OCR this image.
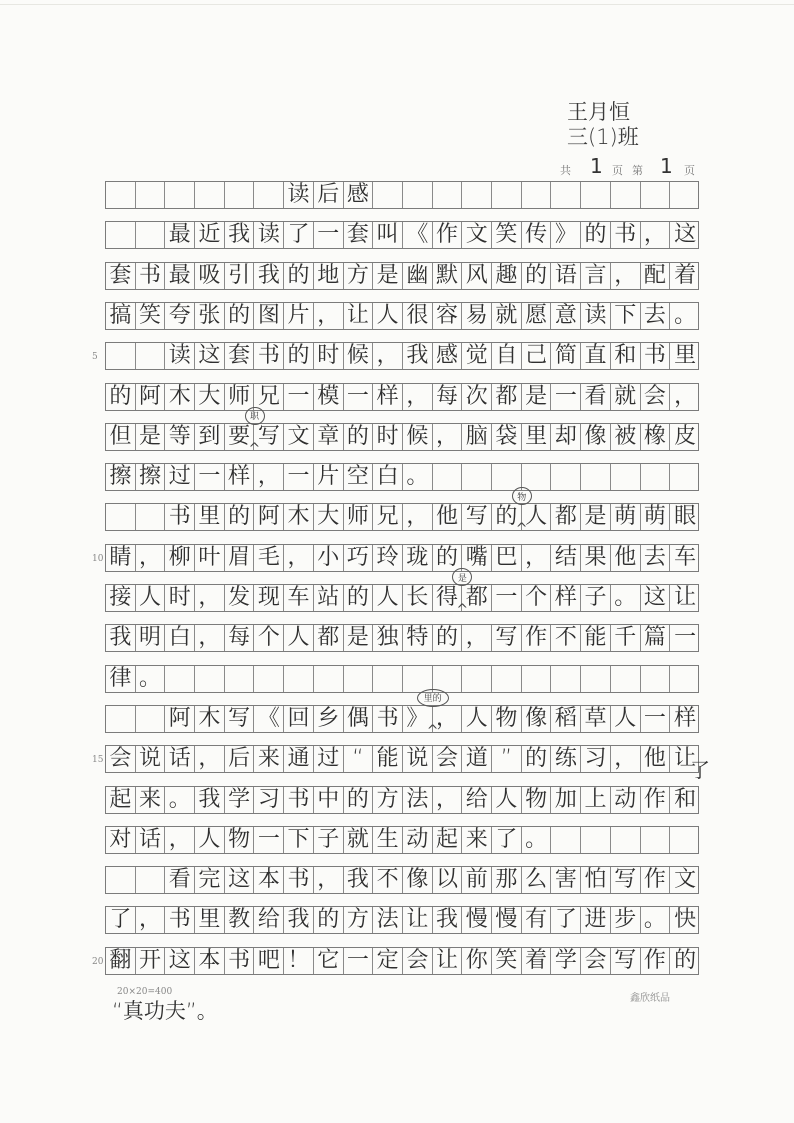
王月恒
三(1)班
共 1 页 第 1 页
读 后 感
最 近 我 读 了 一 套 叫 《 作 文 笑 传 》 的 书 ， 这
套 书 最 吸 引 我 的 地 方 是 幽 默 风 趣 的 语 言 ， 配 着
搞 笑 夸 张 的 图 片 ， 让 人 很 容 易 就 愿 意 读 下 去 。
读 这 套 书 的 时 候 ， 我 感 觉 自 己 简 直 和 书 里
的 阿 木 大 师 兄 一 模 一 样 ， 每 次 都 是 一 看 就 会 ，
但 是 等 到 要 写 文 章 的 时 候 ， 脑 袋 里 却 像 被 橡 皮
擦 擦 过 一 样 ， 一 片 空 白 。
书 里 的 阿 木 大 师 兄 ， 他 写 的 人 都 是 萌 萌 眼
睛 ， 柳 叶 眉 毛 ， 小 巧 玲 珑 的 嘴 巴 ， 结 果 他 去 车
接 人 时 ， 发 现 车 站 的 人 长 得 都 一 个 样 子 。 这 让
我 明 白 ， 每 个 人 都 是 独 特 的 ， 写 作 不 能 千 篇 一
律 。
阿 木 写 《 回 乡 偶 书 》 ， 人 物 像 稻 草 人 一 样
会 说 话 ， 后 来 通 过 “ 能 说 会 道 ” 的 练 习 ， 他 让
起 来 。 我 学 习 书 中 的 方 法 ， 给 人 物 加 上 动 作 和
对 话 ， 人 物 一 下 子 就 生 动 起 来 了 。
看 完 这 本 书 ， 我 不 像 以 前 那 么 害 怕 写 作 文
了 ， 书 里 教 给 我 的 方 法 让 我 慢 慢 有 了 进 步 。 快
翻 开 这 本 书 吧 ！ 它 一 定 会 让 你 笑 着 学 会 写 作 的
5
10
15
20
职
^
物
^
是
^
里的
^
了
“真功夫”。
20×20=400
鑫欣纸品
